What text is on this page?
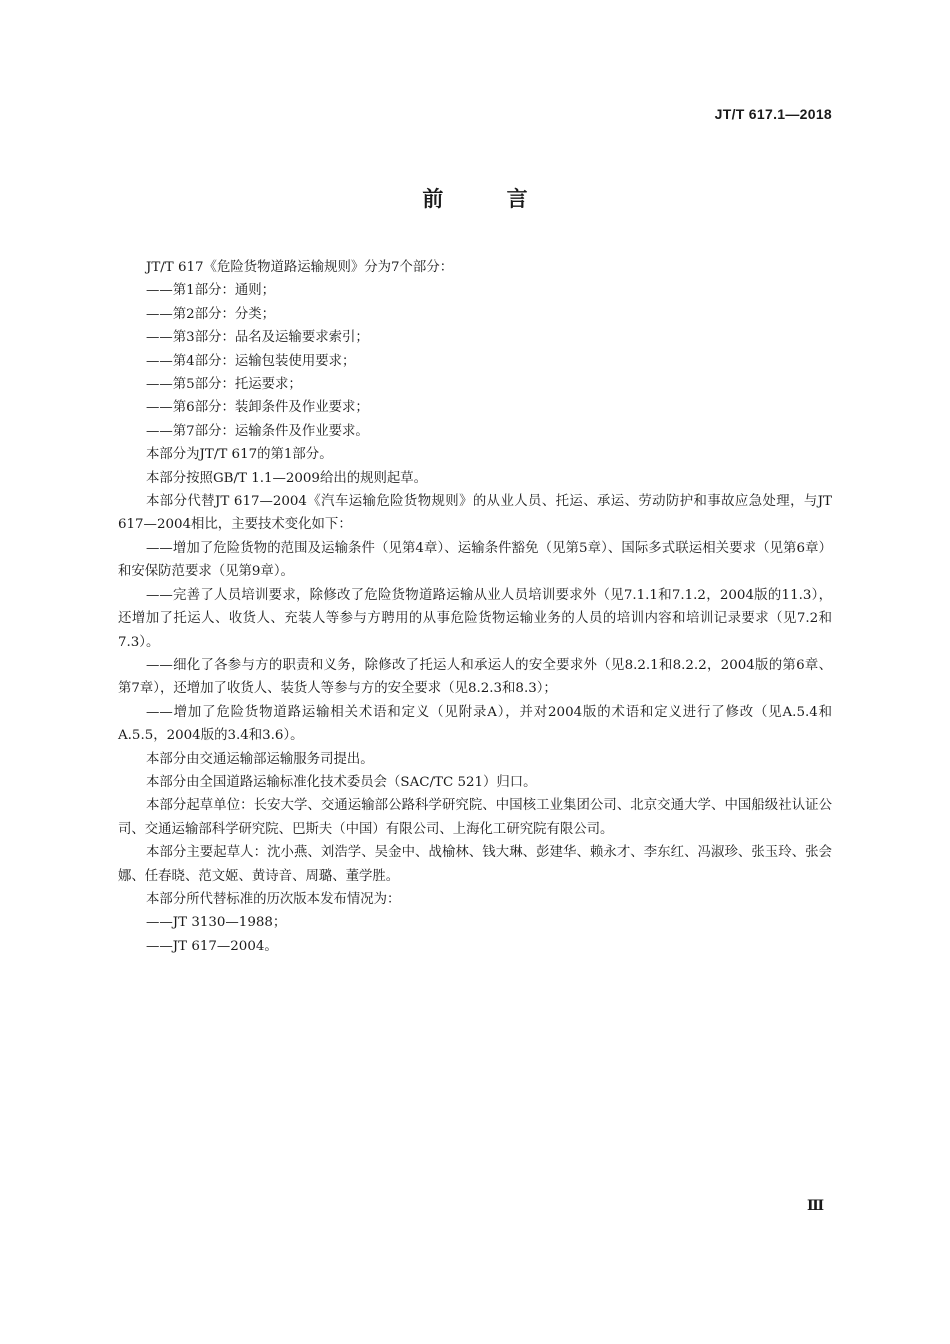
JT/T 617.1—2018
前 言

JT/T 617《危险货物道路运输规则》分为7个部分：

——第1部分：通则；

——第2部分：分类；

——第3部分：品名及运输要求索引；

——第4部分：运输包装使用要求；

——第5部分：托运要求；

——第6部分：装卸条件及作业要求；

——第7部分：运输条件及作业要求。

本部分为JT/T 617的第1部分。

本部分按照GB/T 1.1—2009给出的规则起草。

本部分代替JT 617—2004《汽车运输危险货物规则》的从业人员、托运、承运、劳动防护和事故应急处理，与JT 617—2004相比，主要技术变化如下：

——增加了危险货物的范围及运输条件（见第4章）、运输条件豁免（见第5章）、国际多式联运相关要求（见第6章）和安保防范要求（见第9章）。

——完善了人员培训要求，除修改了危险货物道路运输从业人员培训要求外（见7.1.1和7.1.2，2004版的11.3），还增加了托运人、收货人、充装人等参与方聘用的从事危险货物运输业务的人员的培训内容和培训记录要求（见7.2和7.3）。

——细化了各参与方的职责和义务，除修改了托运人和承运人的安全要求外（见8.2.1和8.2.2，2004版的第6章、第7章），还增加了收货人、装货人等参与方的安全要求（见8.2.3和8.3）；

——增加了危险货物道路运输相关术语和定义（见附录A），并对2004版的术语和定义进行了修改（见A.5.4和A.5.5，2004版的3.4和3.6）。

本部分由交通运输部运输服务司提出。

本部分由全国道路运输标准化技术委员会（SAC/TC 521）归口。

本部分起草单位：长安大学、交通运输部公路科学研究院、中国核工业集团公司、北京交通大学、中国船级社认证公司、交通运输部科学研究院、巴斯夫（中国）有限公司、上海化工研究院有限公司。

本部分主要起草人：沈小燕、刘浩学、吴金中、战榆林、钱大琳、彭建华、赖永才、李东红、冯淑珍、张玉玲、张会娜、任春晓、范文姬、黄诗音、周璐、董学胜。

本部分所代替标准的历次版本发布情况为：

——JT 3130—1988；

——JT 617—2004。

Ⅲ
